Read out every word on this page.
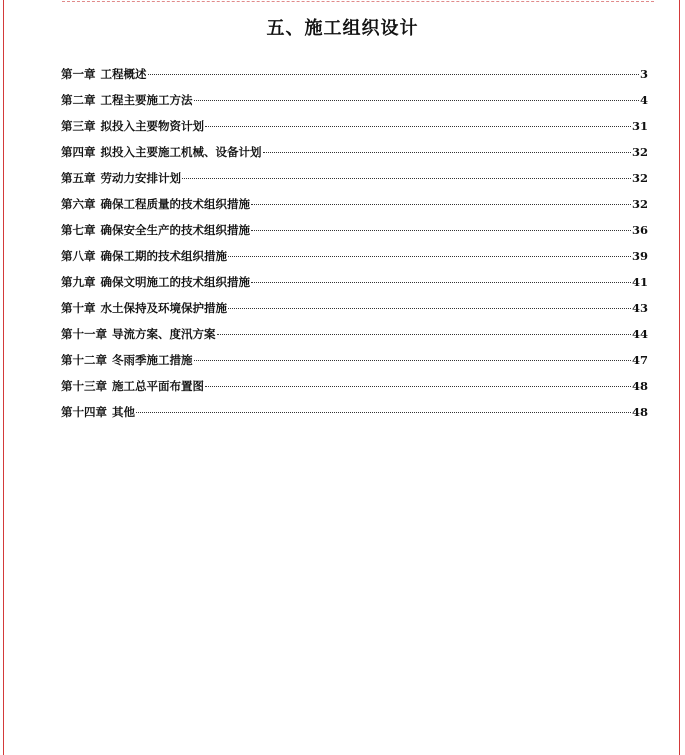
五、施工组织设计
第一章 工程概述	3
第二章 工程主要施工方法	4
第三章 拟投入主要物资计划	31
第四章 拟投入主要施工机械、设备计划	32
第五章 劳动力安排计划	32
第六章 确保工程质量的技术组织措施	32
第七章 确保安全生产的技术组织措施	36
第八章 确保工期的技术组织措施	39
第九章 确保文明施工的技术组织措施	41
第十章 水土保持及环境保护措施	43
第十一章 导流方案、度汛方案	44
第十二章 冬雨季施工措施	47
第十三章 施工总平面布置图	48
第十四章 其他	48
